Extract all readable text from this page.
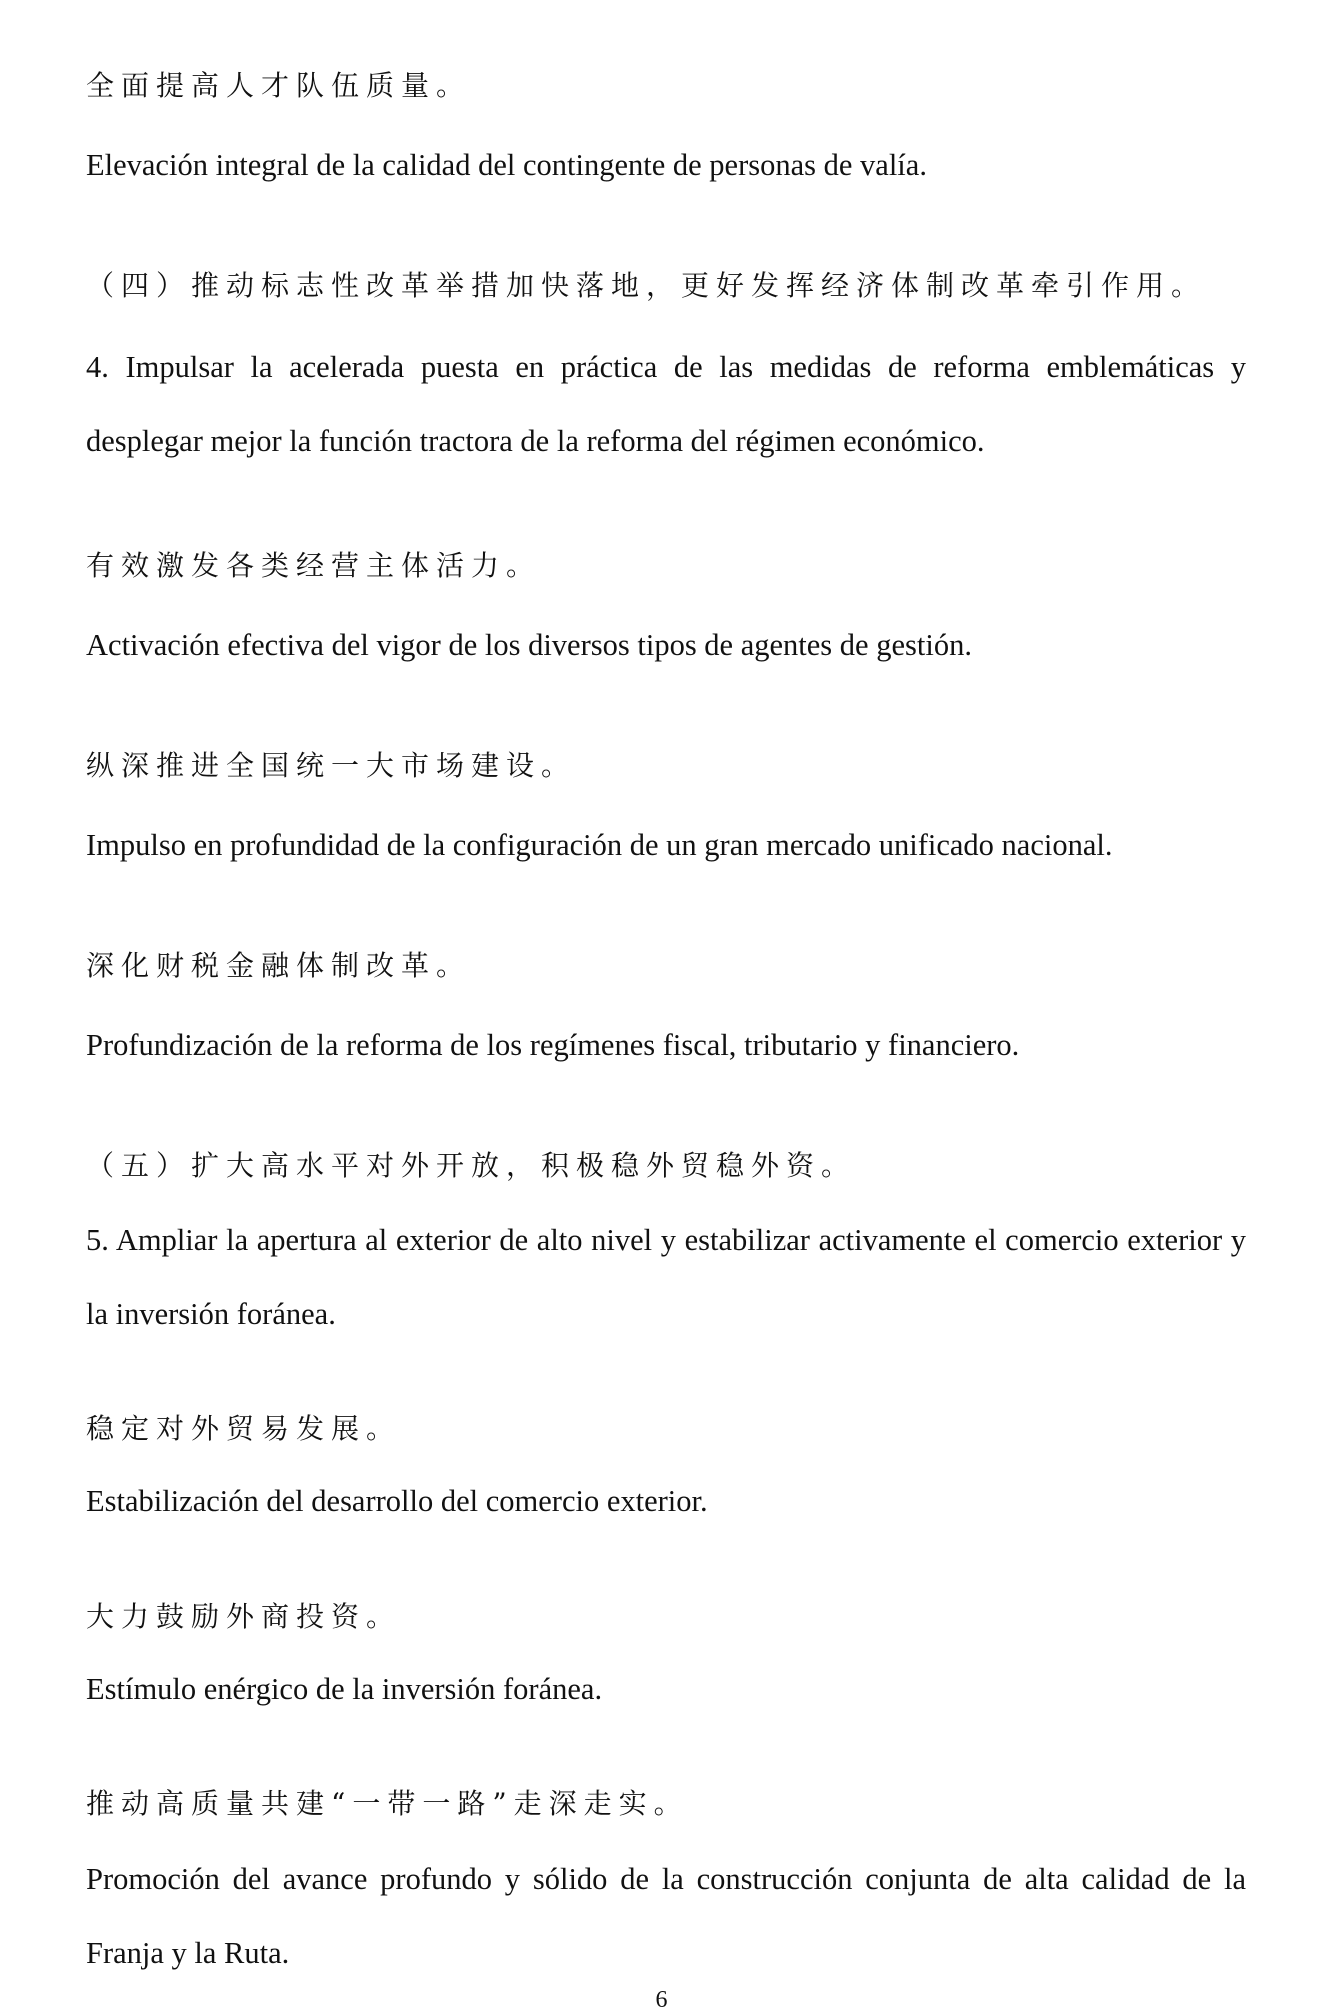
全面提高人才队伍质量。

Elevación integral de la calidad del contingente de personas de valía.

（四）推动标志性改革举措加快落地，更好发挥经济体制改革牵引作用。

4. Impulsar la acelerada puesta en práctica de las medidas de reforma emblemáticas y desplegar mejor la función tractora de la reforma del régimen económico.

有效激发各类经营主体活力。

Activación efectiva del vigor de los diversos tipos de agentes de gestión.

纵深推进全国统一大市场建设。

Impulso en profundidad de la configuración de un gran mercado unificado nacional.

深化财税金融体制改革。

Profundización de la reforma de los regímenes fiscal, tributario y financiero.

（五）扩大高水平对外开放，积极稳外贸稳外资。

5. Ampliar la apertura al exterior de alto nivel y estabilizar activamente el comercio exterior y la inversión foránea.

稳定对外贸易发展。

Estabilización del desarrollo del comercio exterior.

大力鼓励外商投资。

Estímulo enérgico de la inversión foránea.

推动高质量共建“一带一路”走深走实。

Promoción del avance profundo y sólido de la construcción conjunta de alta calidad de la Franja y la Ruta.

6
